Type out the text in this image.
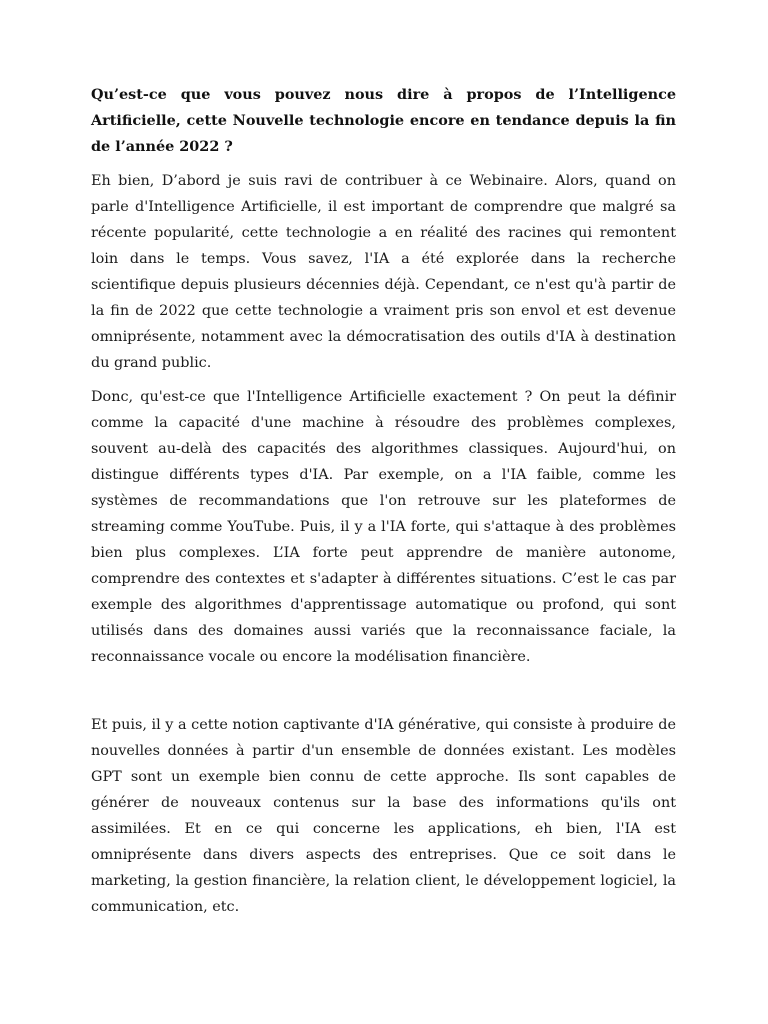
Qu’est-ce que vous pouvez nous dire à propos de l’Intelligence Artificielle, cette Nouvelle technologie encore en tendance depuis la fin de l’année 2022 ?

Eh bien, D’abord je suis ravi de contribuer à ce Webinaire. Alors, quand on parle d'Intelligence Artificielle, il est important de comprendre que malgré sa récente popularité, cette technologie a en réalité des racines qui remontent loin dans le temps. Vous savez, l'IA a été explorée dans la recherche scientifique depuis plusieurs décennies déjà. Cependant, ce n'est qu'à partir de la fin de 2022 que cette technologie a vraiment pris son envol et est devenue omniprésente, notamment avec la démocratisation des outils d'IA à destination du grand public.

Donc, qu'est-ce que l'Intelligence Artificielle exactement ? On peut la définir comme la capacité d'une machine à résoudre des problèmes complexes, souvent au-delà des capacités des algorithmes classiques. Aujourd'hui, on distingue différents types d'IA. Par exemple, on a l'IA faible, comme les systèmes de recommandations que l'on retrouve sur les plateformes de streaming comme YouTube. Puis, il y a l'IA forte, qui s'attaque à des problèmes bien plus complexes. L’IA forte peut apprendre de manière autonome, comprendre des contextes et s'adapter à différentes situations. C’est le cas par exemple des algorithmes d'apprentissage automatique ou profond, qui sont utilisés dans des domaines aussi variés que la reconnaissance faciale, la reconnaissance vocale ou encore la modélisation financière.

Et puis, il y a cette notion captivante d'IA générative, qui consiste à produire de nouvelles données à partir d'un ensemble de données existant. Les modèles GPT sont un exemple bien connu de cette approche. Ils sont capables de générer de nouveaux contenus sur la base des informations qu'ils ont assimilées. Et en ce qui concerne les applications, eh bien, l'IA est omniprésente dans divers aspects des entreprises. Que ce soit dans le marketing, la gestion financière, la relation client, le développement logiciel, la communication, etc.
